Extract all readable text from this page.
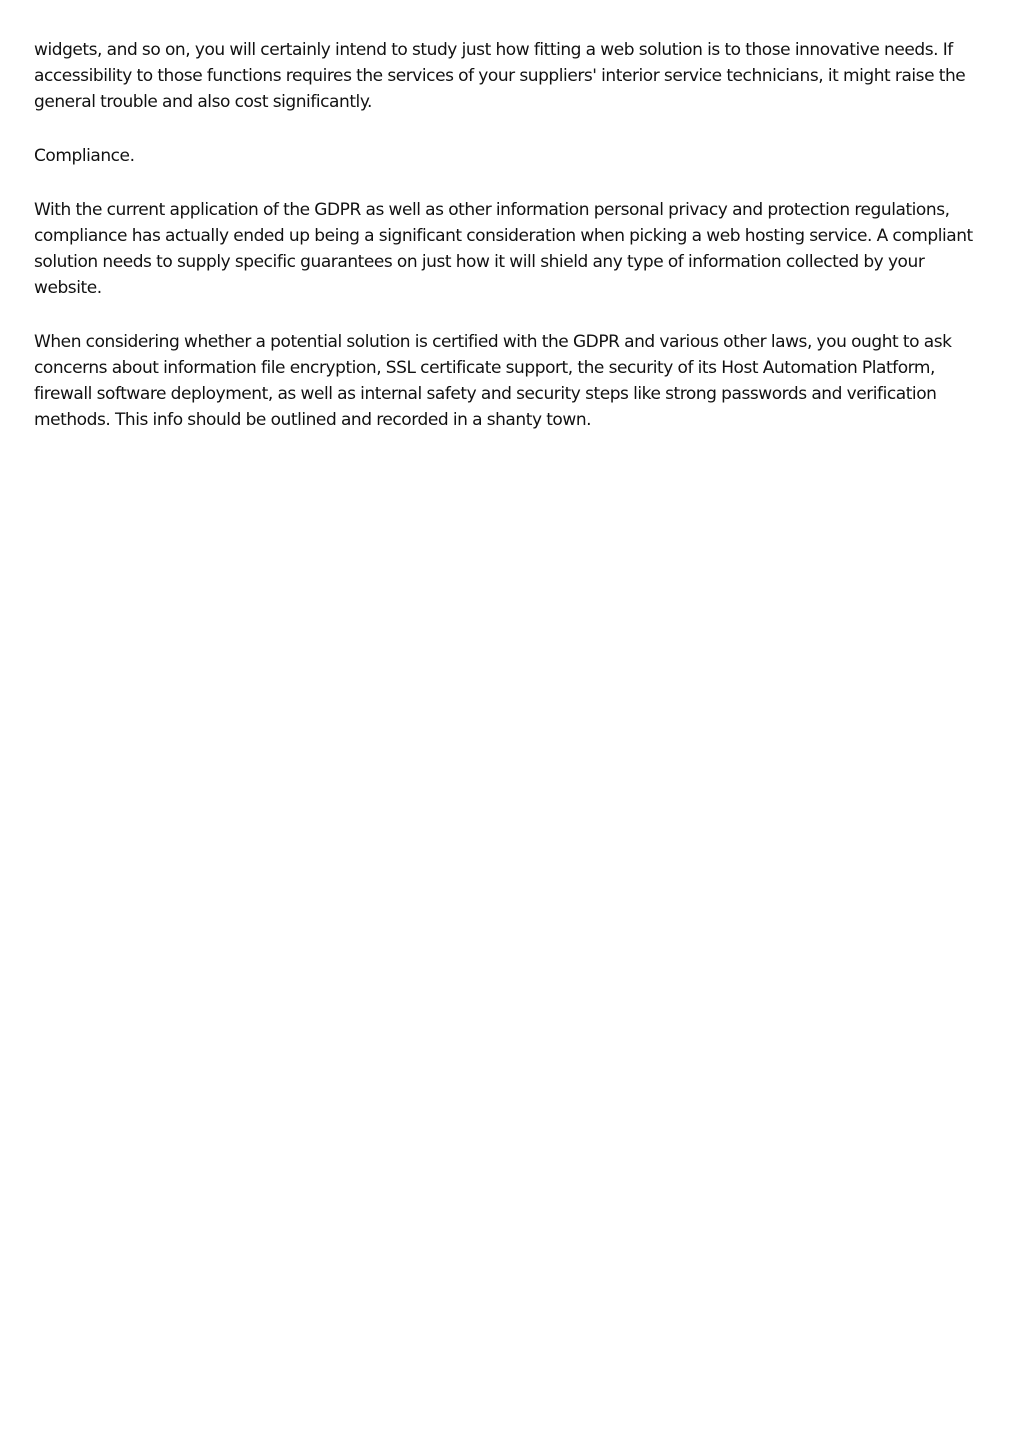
widgets, and so on, you will certainly intend to study just how fitting a web solution is to those innovative needs. If accessibility to those functions requires the services of your suppliers' interior service technicians, it might raise the general trouble and also cost significantly.

Compliance.

With the current application of the GDPR as well as other information personal privacy and protection regulations, compliance has actually ended up being a significant consideration when picking a web hosting service. A compliant solution needs to supply specific guarantees on just how it will shield any type of information collected by your website.

When considering whether a potential solution is certified with the GDPR and various other laws, you ought to ask concerns about information file encryption, SSL certificate support, the security of its Host Automation Platform, firewall software deployment, as well as internal safety and security steps like strong passwords and verification methods. This info should be outlined and recorded in a shanty town.
